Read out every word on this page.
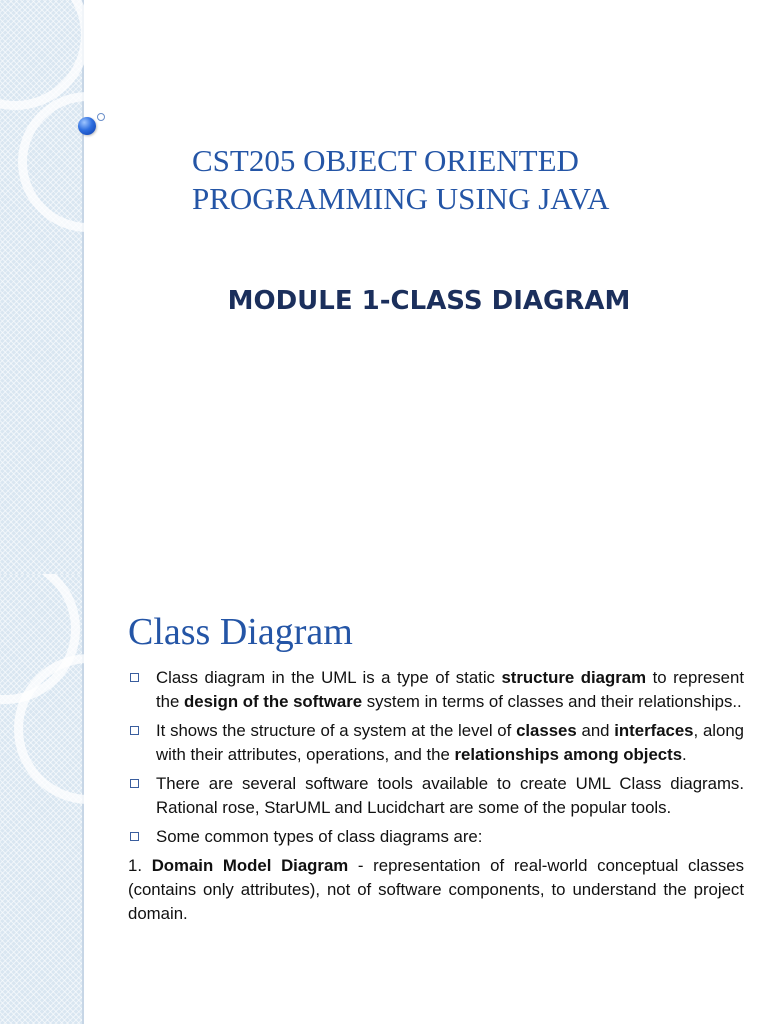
CST205 OBJECT ORIENTED
PROGRAMMING USING JAVA
MODULE 1-CLASS DIAGRAM
Class Diagram
Class diagram in the UML is a type of static structure diagram to represent the design of the software system in terms of classes and their relationships..
It shows the structure of a system at the level of classes and interfaces, along with their attributes, operations, and the relationships among objects.
There are several software tools available to create UML Class diagrams. Rational rose, StarUML and Lucidchart are some of the popular tools.
Some common types of class diagrams are:
1. Domain Model Diagram - representation of real-world conceptual classes (contains only attributes), not of software components, to understand the project domain.
